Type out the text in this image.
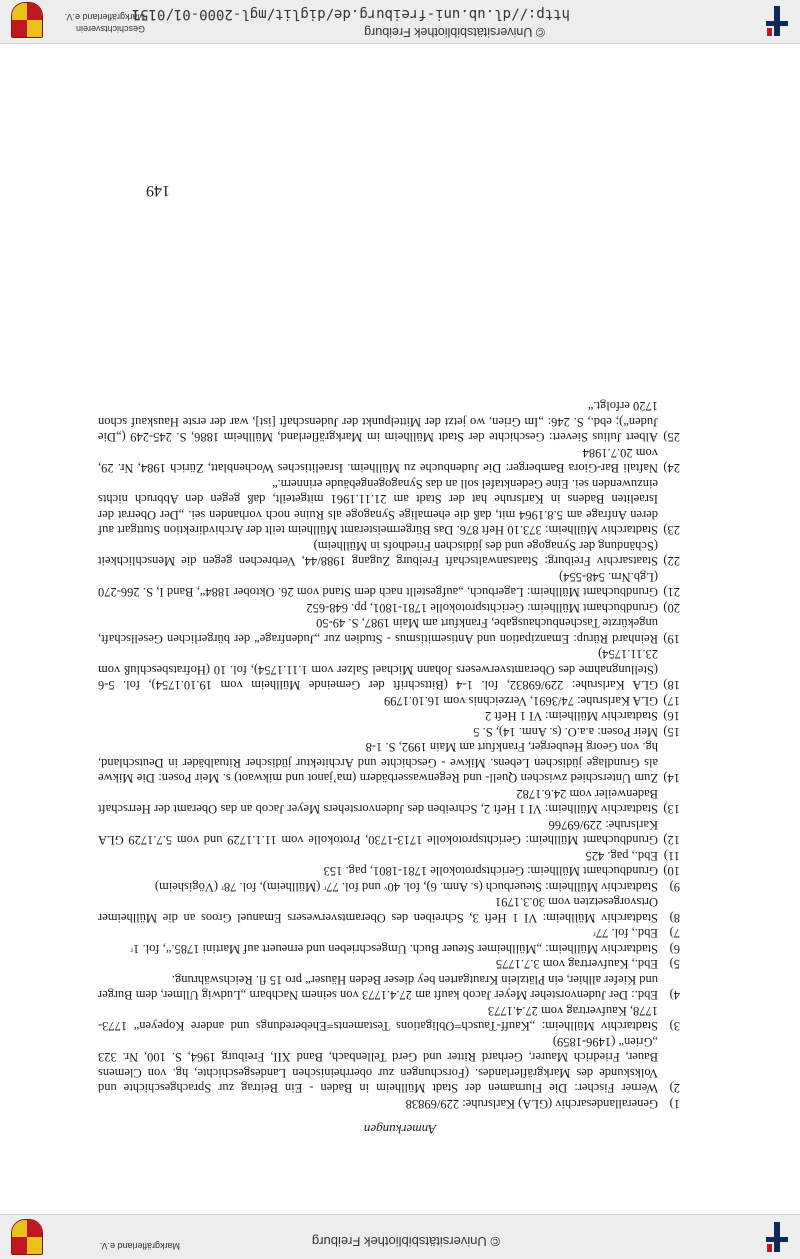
Markgräflerland e.V.	© Universitätsbibliothek Freiburg
© Universitätsbibliothek Freiburg
http://dl.ub.uni-freiburg.de/diglit/mgl-2000-01/0151
Geschichtsverein
Markgräflerland e.V.
Anmerkungen
1)
Generallandesarchiv (GLA) Karlsruhe: 229/69838
2)
Werner Fischer: Die Flurnamen der Stadt Müllheim in Baden - Ein Beitrag zur Sprachgeschichte und Volkskunde des Markgräflerlandes. (Forschungen zur oberrheinischen Landesgeschichte, hg. von Clemens Bauer, Friedrich Maurer, Gerhard Ritter und Gerd Tellenbach, Band XII, Freiburg 1964, S. 100, Nr. 323 „Grien“ (1496-1859)
3)
Stadtarchiv Müllheim: „Kauff-Tausch=Obligations Testaments=Eheberedungs und andere Kopeyen“ 1773-1778, Kaufvertrag vom 27.4.1773
4)
Ebd.: Der Judenvorsteher Meyer Jacob kauft am 27.4.1773 von seinem Nachbarn „Ludwig Ullmer, dem Burger und Kiefer allhier, ein Plätzlein Krautgarten bey dieser Beden Häuser“ pro 15 fl. Reichswährung.
5)
Ebd., Kaufvertrag vom 3.7.1775
6)
Stadtarchiv Müllheim: „Müllheimer Steuer Buch. Umgeschrieben und erneuert auf Martini 1785.“, fol. 1ʳ
7)
Ebd., fol. 77ʳ
8)
Stadtarchiv Müllheim: VI 1 Heft 3, Schreiben des Oberamtsverwesers Emanuel Groos an die Müllheimer Ortsvorgesetzten vom 30.3.1791
9)
Stadtarchiv Müllheim: Steuerbuch (s. Anm. 6), fol. 40ᵛ und fol. 77ʳ (Müllheim), fol. 78ʳ (Vögisheim)
10)
Grundbuchamt Müllheim: Gerichtsprotokolle 1781-1801, pag. 153
11)
Ebd., pag. 425
12)
Grundbuchamt Müllheim: Gerichtsprotokolle 1713-1730, Protokolle vom 11.1.1729 und vom 5.7.1729 GLA Karlsruhe: 229/69766
13)
Stadtarchiv Müllheim: VI 1 Heft 2, Schreiben des Judenvorstehers Meyer Jacob an das Oberamt der Herrschaft Badenweiler vom 24.6.1782
14)
Zum Unterschied zwischen Quell- und Regenwasserbädern (ma’janot und mikwaot) s. Meir Posen: Die Mikwe als Grundlage jüdischen Lebens. Mikwe - Geschichte und Architektur jüdischer Ritualbäder in Deutschland, hg. von Georg Heuberger, Frankfurt am Main 1992, S. 1-8
15)
Meir Posen: a.a.O. (s. Anm. 14), S. 5
16)
Stadtarchiv Müllheim: VI 1 Heft 2
17)
GLA Karlsruhe: 74/3691, Verzeichnis vom 16.10.1799
18)
GLA Karlsruhe: 229/69832, fol. 1-4 (Bittschrift der Gemeinde Müllheim vom 19.10.1754), fol. 5-6 (Stellungnahme des Oberamtsverwesers Johann Michael Salzer vom 1.11.1754), fol. 10 (Hofratsbeschluß vom 23.11.1754)
19)
Reinhard Rürup: Emanzipation und Antisemitismus - Studien zur „Judenfrage“ der bürgerlichen Gesellschaft, ungekürzte Taschenbuchausgabe, Frankfurt am Main 1987, S. 49-50
20)
Grundbuchamt Müllheim: Gerichtsprotokolle 1781-1801, pp. 648-652
21)
Grundbuchamt Müllheim: Lagerbuch, „aufgestellt nach dem Stand vom 26. Oktober 1884“, Band I, S. 266-270 (Lgb.Nrn. 548-554)
22)
Staatsarchiv Freiburg: Staatsanwaltschaft Freiburg Zugang 1988/44, Verbrechen gegen die Menschlichkeit (Schändung der Synagoge und des jüdischen Friedhofs in Müllheim)
23)
Stadtarchiv Müllheim: 373.10 Heft 876. Das Bürgermeisteramt Müllheim teilt der Archivdirektion Stuttgart auf deren Anfrage am 5.8.1964 mit, daß die ehemalige Synagoge als Ruine noch vorhanden sei. „Der Oberrat der Israeliten Badens in Karlsruhe hat der Stadt am 21.11.1961 mitgeteilt, daß gegen den Abbruch nichts einzuwenden sei. Eine Gedenktafel soll an das Synagogengebäude erinnern.“
24)
Naftali Bar-Giora Bamberger: Die Judenbuche zu Müllheim. Israelitisches Wochenblatt, Zürich 1984, Nr. 29, vom 20.7.1984
25)
Albert Julius Sievert: Geschichte der Stadt Müllheim im Markgräflerland, Müllheim 1886, S. 245-249 („Die Juden“); ebd., S. 246: „Im Grien, wo jetzt der Mittelpunkt der Judenschaft [ist], war der erste Hauskauf schon 1720 erfolgt.“
149
